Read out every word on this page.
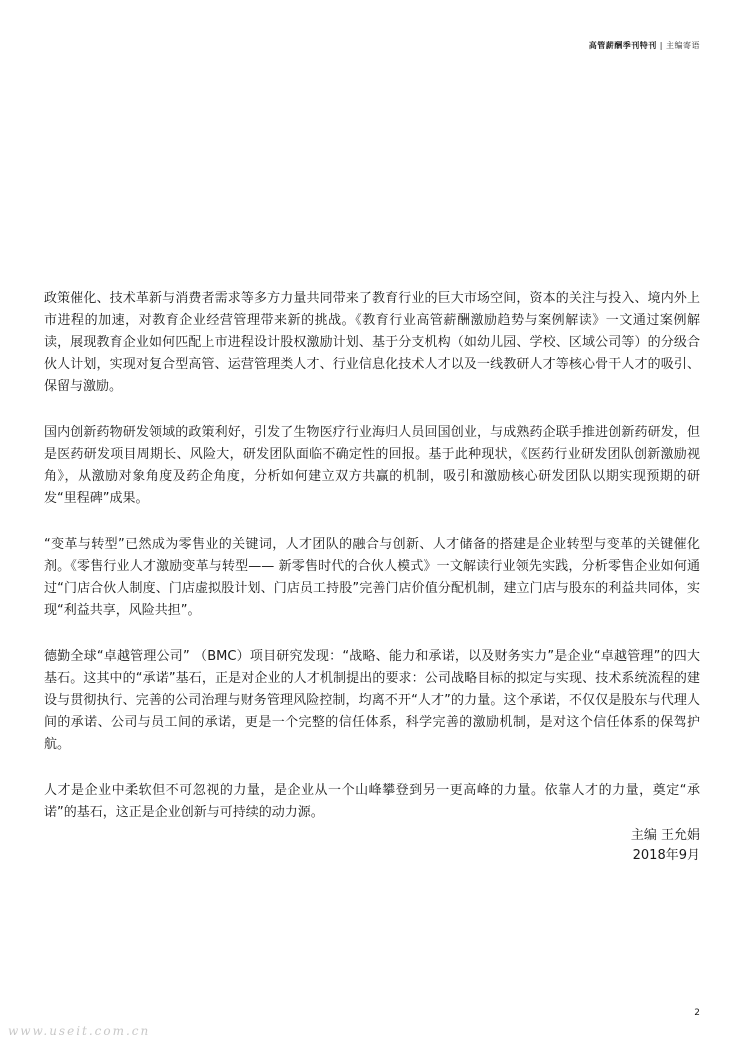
高管薪酬季刊特刊 | 主编寄语

政策催化、技术革新与消费者需求等多方力量共同带来了教育行业的巨大市场空间，资本的关注与投入、境内外上市进程的加速，对教育企业经营管理带来新的挑战。《教育行业高管薪酬激励趋势与案例解读》一文通过案例解读，展现教育企业如何匹配上市进程设计股权激励计划、基于分支机构（如幼儿园、学校、区域公司等）的分级合伙人计划，实现对复合型高管、运营管理类人才、行业信息化技术人才以及一线教研人才等核心骨干人才的吸引、保留与激励。

国内创新药物研发领域的政策利好，引发了生物医疗行业海归人员回国创业，与成熟药企联手推进创新药研发，但是医药研发项目周期长、风险大，研发团队面临不确定性的回报。基于此种现状，《医药行业研发团队创新激励视角》，从激励对象角度及药企角度，分析如何建立双方共赢的机制，吸引和激励核心研发团队以期实现预期的研发“里程碑”成果。

“变革与转型”已然成为零售业的关键词，人才团队的融合与创新、人才储备的搭建是企业转型与变革的关键催化剂。《零售行业人才激励变革与转型—— 新零售时代的合伙人模式》一文解读行业领先实践，分析零售企业如何通过“门店合伙人制度、门店虚拟股计划、门店员工持股”完善门店价值分配机制，建立门店与股东的利益共同体，实现“利益共享，风险共担”。

德勤全球“卓越管理公司” （BMC）项目研究发现：“战略、能力和承诺，以及财务实力”是企业“卓越管理”的四大基石。这其中的“承诺”基石，正是对企业的人才机制提出的要求：公司战略目标的拟定与实现、技术系统流程的建设与贯彻执行、完善的公司治理与财务管理风险控制，均离不开“人才”的力量。这个承诺，不仅仅是股东与代理人间的承诺、公司与员工间的承诺，更是一个完整的信任体系，科学完善的激励机制，是对这个信任体系的保驾护航。

人才是企业中柔软但不可忽视的力量，是企业从一个山峰攀登到另一更高峰的力量。依靠人才的力量，奠定“承诺”的基石，这正是企业创新与可持续的动力源。

主编 王允娟
2018年9月
2
www.useit.com.cn
